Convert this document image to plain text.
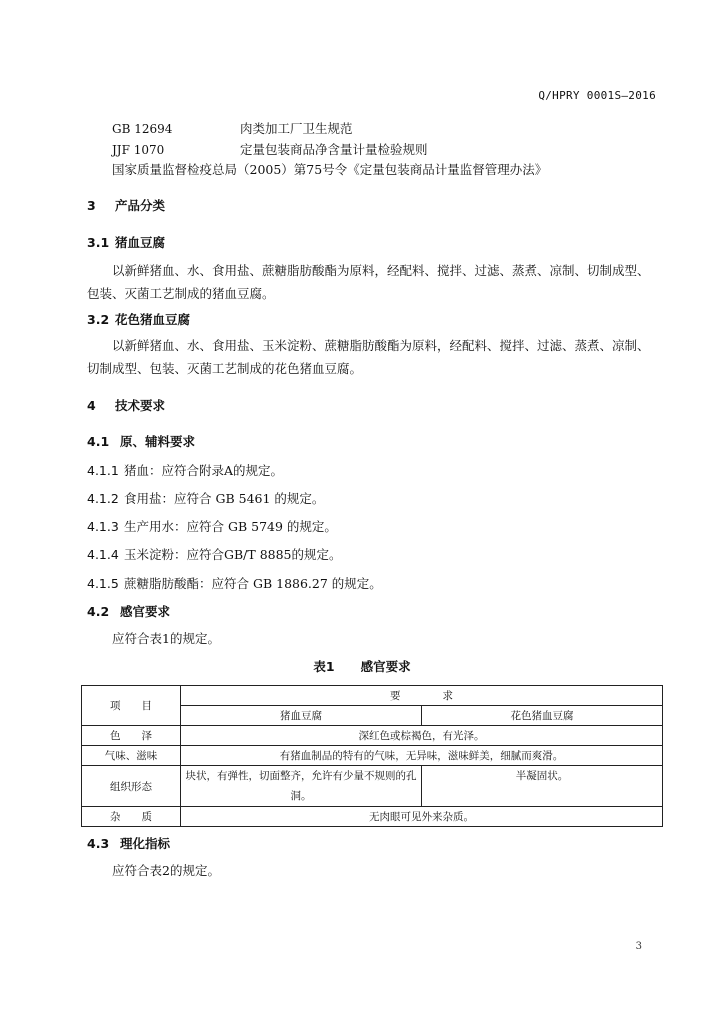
Q/HPRY 0001S—2016
GB 12694	肉类加工厂卫生规范
JJF 1070	定量包装商品净含量计量检验规则
国家质量监督检疫总局（2005）第75号令《定量包装商品计量监督管理办法》
3 产品分类
3.1 猪血豆腐
以新鲜猪血、水、食用盐、蔗糖脂肪酸酯为原料，经配料、搅拌、过滤、蒸煮、凉制、切制成型、包装、灭菌工艺制成的猪血豆腐。
3.2 花色猪血豆腐
以新鲜猪血、水、食用盐、玉米淀粉、蔗糖脂肪酸酯为原料，经配料、搅拌、过滤、蒸煮、凉制、切制成型、包装、灭菌工艺制成的花色猪血豆腐。
4 技术要求
4.1 原、辅料要求
4.1.1 猪血：应符合附录A的规定。
4.1.2 食用盐：应符合 GB 5461 的规定。
4.1.3 生产用水：应符合 GB 5749 的规定。
4.1.4 玉米淀粉：应符合GB/T 8885的规定。
4.1.5 蔗糖脂肪酸酯：应符合 GB 1886.27 的规定。
4.2 感官要求
应符合表1的规定。
表1 感官要求
项　　目	要　　　　求	
	猪血豆腐	花色猪血豆腐
色　　泽	深红色或棕褐色，有光泽。	
气味、滋味	有猪血制品的特有的气味，无异味，滋味鲜美，细腻而爽滑。	
组织形态	块状，有弹性，切面整齐，允许有少量不规则的孔洞。	半凝固状。
杂　　质	无肉眼可见外来杂质。	
4.3 理化指标
应符合表2的规定。
3
